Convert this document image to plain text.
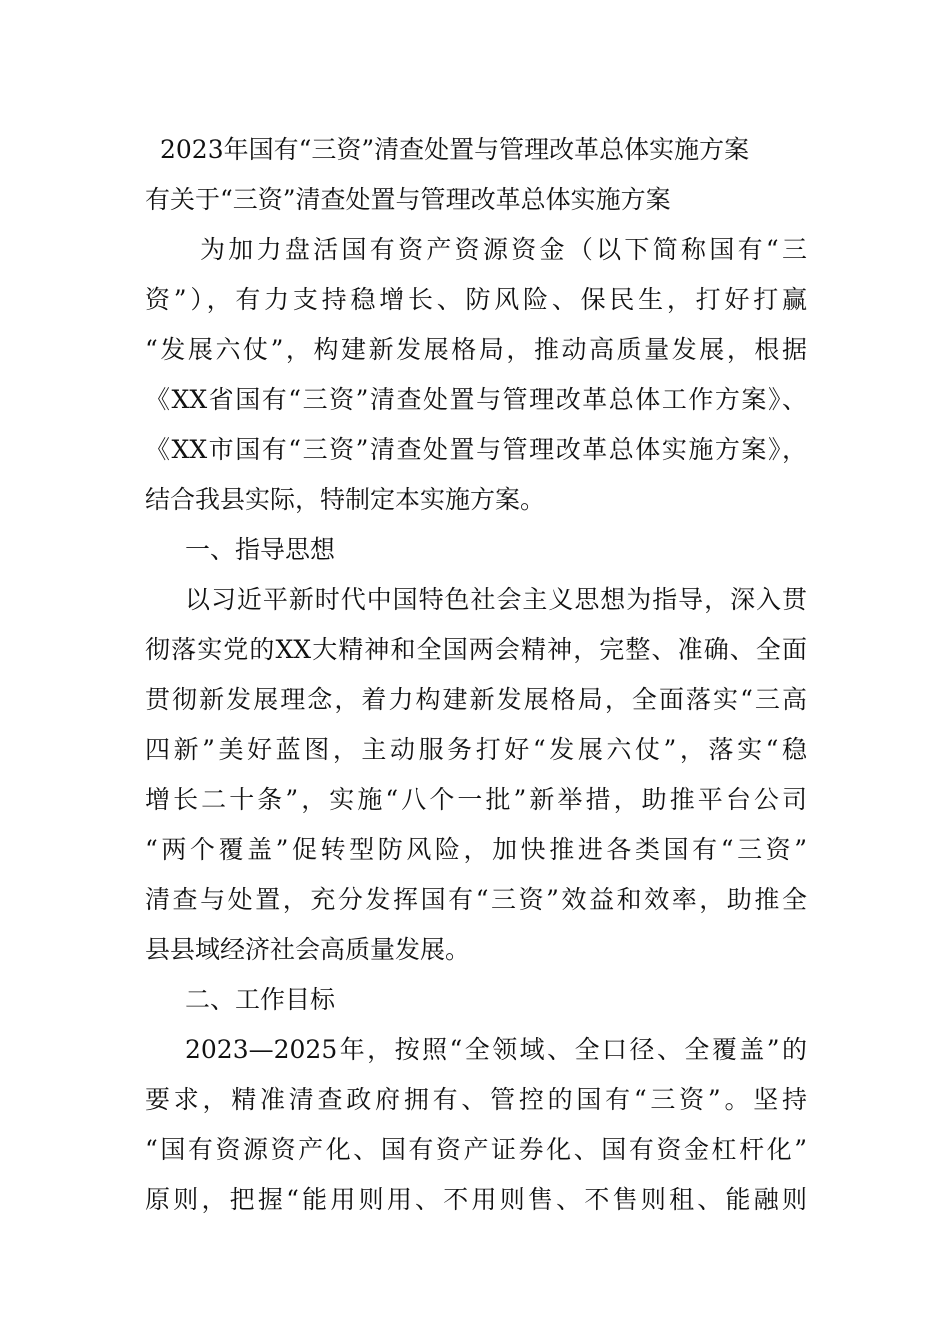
2023年国有“三资”清查处置与管理改革总体实施方案
有关于“三资”清查处置与管理改革总体实施方案
为加力盘活国有资产资源资金（以下简称国有“三
资”），有力支持稳增长、防风险、保民生，打好打赢
“发展六仗”，构建新发展格局，推动高质量发展，根据
《XX省国有“三资”清查处置与管理改革总体工作方案》、
《XX市国有“三资”清查处置与管理改革总体实施方案》，
结合我县实际，特制定本实施方案。
一、指导思想
以习近平新时代中国特色社会主义思想为指导，深入贯
彻落实党的XX大精神和全国两会精神，完整、准确、全面
贯彻新发展理念，着力构建新发展格局，全面落实“三高
四新”美好蓝图，主动服务打好“发展六仗”，落实“稳
增长二十条”，实施“八个一批”新举措，助推平台公司
“两个覆盖”促转型防风险，加快推进各类国有“三资”
清查与处置，充分发挥国有“三资”效益和效率，助推全
县县域经济社会高质量发展。
二、工作目标
2023—2025年，按照“全领域、全口径、全覆盖”的
要求，精准清查政府拥有、管控的国有“三资”。坚持
“国有资源资产化、国有资产证券化、国有资金杠杆化”
原则，把握“能用则用、不用则售、不售则租、能融则
